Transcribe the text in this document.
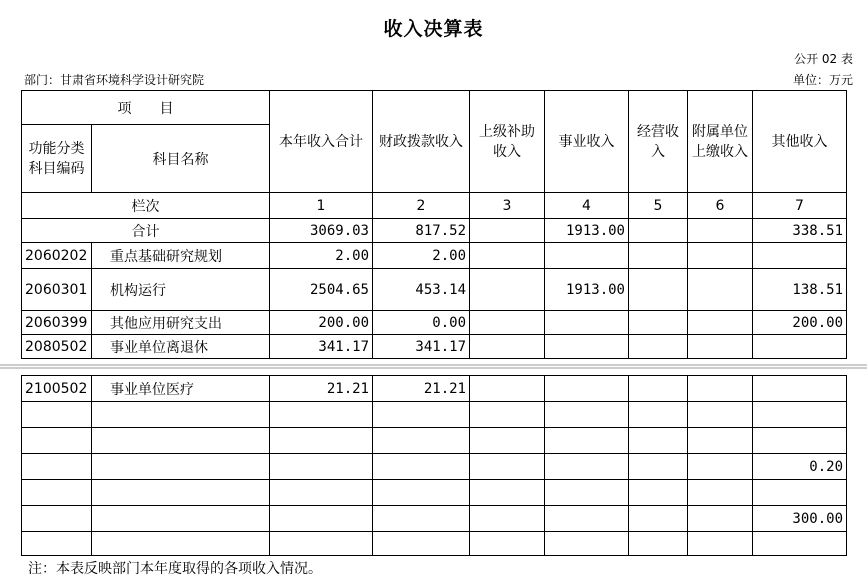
收入决算表
公开 02 表
部门：甘肃省环境科学设计研究院	单位：万元
项　　目		本年收入合计	财政拨款收入	上级补助收入	事业收入	经营收入	附属单位上缴收入	其他收入
功能分类科目编码	科目名称							
栏次		1	2	3	4	5	6	7
合计		3069.03	817.52		1913.00			338.51
2060202	重点基础研究规划	2.00	2.00					
2060301	机构运行	2504.65	453.14		1913.00			138.51
2060399	其他应用研究支出	200.00	0.00					200.00
2080502	事业单位离退休	341.17	341.17					
2100502	事业单位医疗	21.21	21.21					

								0.20

								300.00

注：本表反映部门本年度取得的各项收入情况。
